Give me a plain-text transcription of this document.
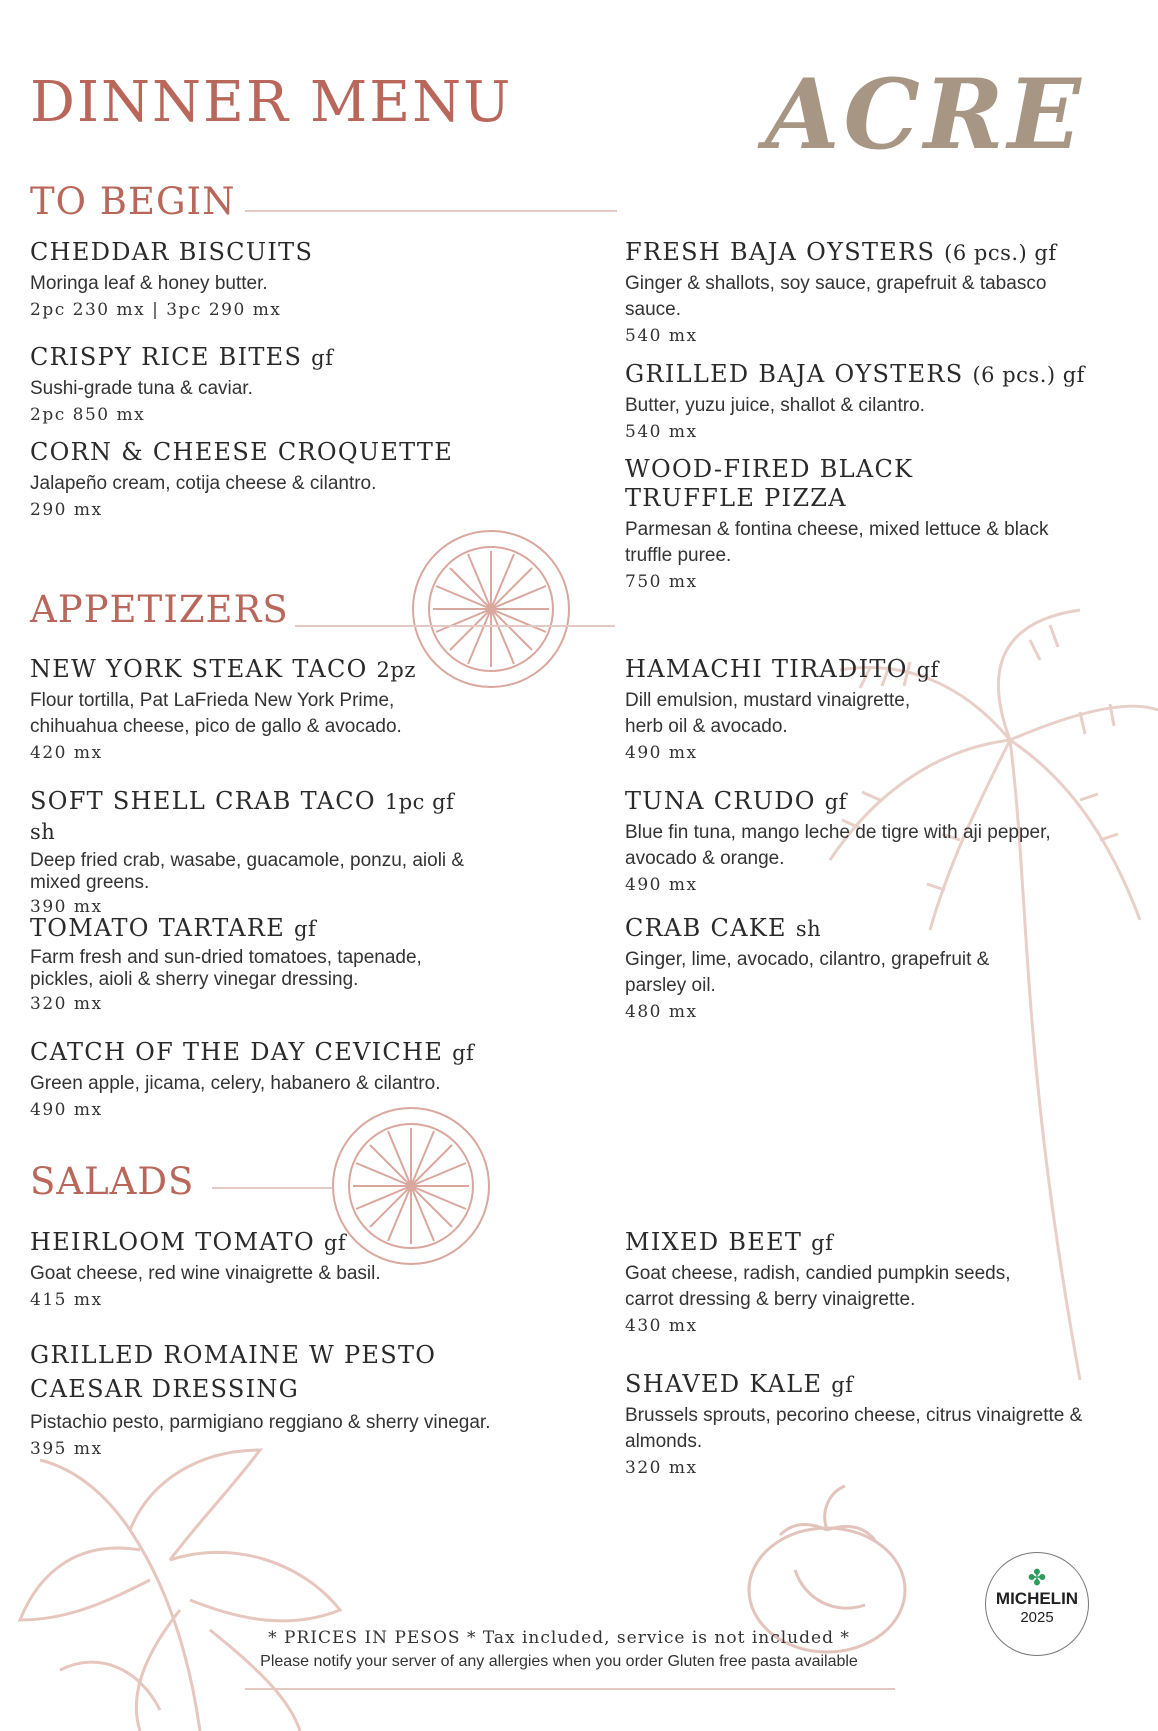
DINNER MENU	ACRE
TO BEGIN
CHEDDAR BISCUITS
Moringa leaf & honey butter.
2pc 230 mx | 3pc 290 mx
CRISPY RICE BITES gf
Sushi-grade tuna & caviar.
2pc 850 mx
CORN & CHEESE CROQUETTE
Jalapeño cream, cotija cheese & cilantro.
290 mx
FRESH BAJA OYSTERS (6 pcs.) gf
Ginger & shallots, soy sauce, grapefruit & tabasco sauce.
540 mx
GRILLED BAJA OYSTERS (6 pcs.) gf
Butter, yuzu juice, shallot & cilantro.
540 mx
WOOD-FIRED BLACK TRUFFLE PIZZA
Parmesan & fontina cheese, mixed lettuce & black truffle puree.
750 mx
APPETIZERS
NEW YORK STEAK TACO 2pz
Flour tortilla, Pat LaFrieda New York Prime, chihuahua cheese, pico de gallo & avocado.
420 mx
SOFT SHELL CRAB TACO 1pc gf sh
Deep fried crab, wasabe, guacamole, ponzu, aioli & mixed greens.
390 mx
TOMATO TARTARE gf
Farm fresh and sun-dried tomatoes, tapenade, pickles, aioli & sherry vinegar dressing.
320 mx
CATCH OF THE DAY CEVICHE gf
Green apple, jicama, celery, habanero & cilantro.
490 mx
HAMACHI TIRADITO gf
Dill emulsion, mustard vinaigrette, herb oil & avocado.
490 mx
TUNA CRUDO gf
Blue fin tuna, mango leche de tigre with aji pepper, avocado & orange.
490 mx
CRAB CAKE sh
Ginger, lime, avocado, cilantro, grapefruit & parsley oil.
480 mx
SALADS
HEIRLOOM TOMATO gf
Goat cheese, red wine vinaigrette & basil.
415 mx
GRILLED ROMAINE W PESTO CAESAR DRESSING
Pistachio pesto, parmigiano reggiano & sherry vinegar.
395 mx
MIXED BEET gf
Goat cheese, radish, candied pumpkin seeds, carrot dressing & berry vinaigrette.
430 mx
SHAVED KALE gf
Brussels sprouts, pecorino cheese, citrus vinaigrette & almonds.
320 mx
✤
MICHELIN
2025
* PRICES IN PESOS * Tax included, service is not included *
Please notify your server of any allergies when you order Gluten free pasta available
